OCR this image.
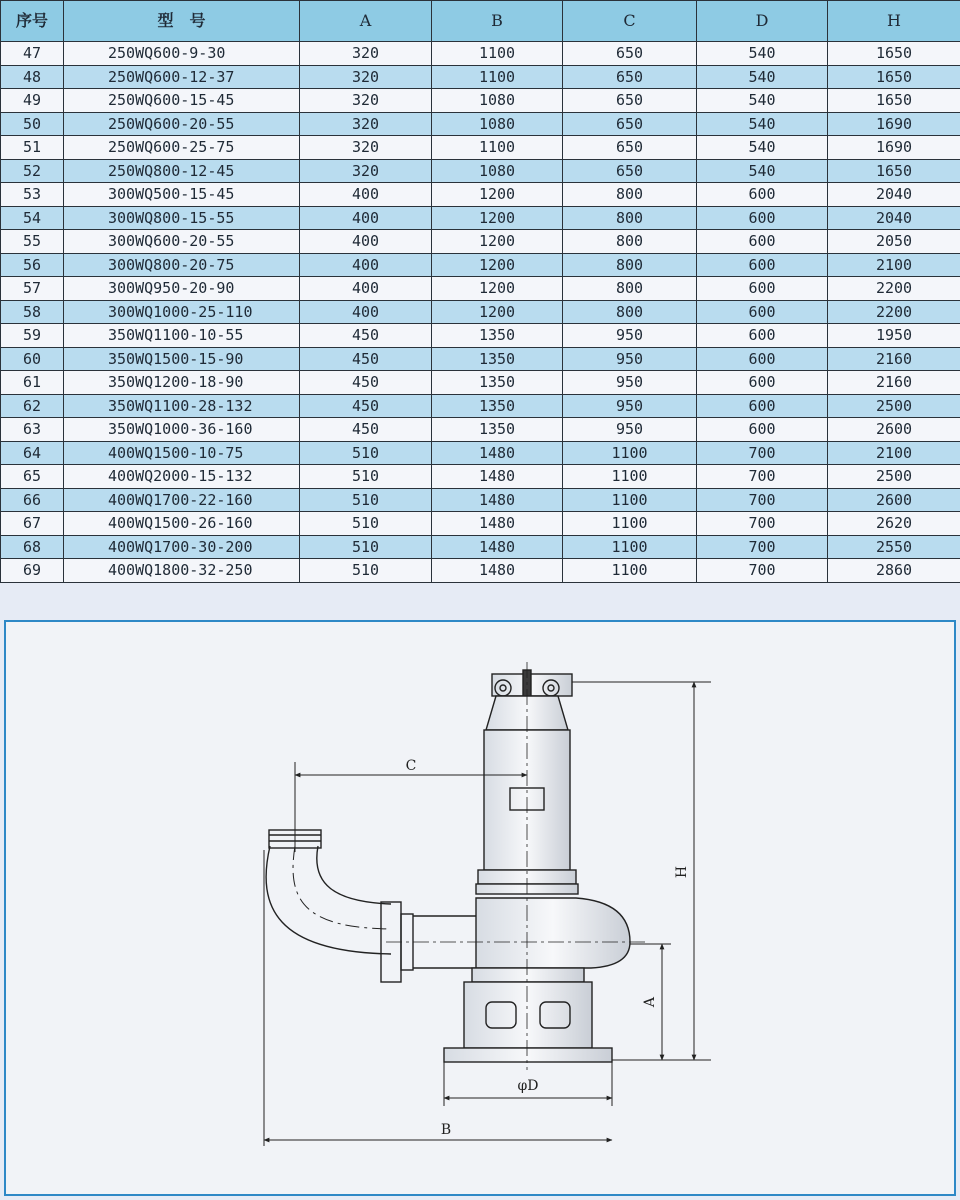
序号	型　号	A	B	C	D	H
47	250WQ600-9-30	320	1100	650	540	1650
48	250WQ600-12-37	320	1100	650	540	1650
49	250WQ600-15-45	320	1080	650	540	1650
50	250WQ600-20-55	320	1080	650	540	1690
51	250WQ600-25-75	320	1100	650	540	1690
52	250WQ800-12-45	320	1080	650	540	1650
53	300WQ500-15-45	400	1200	800	600	2040
54	300WQ800-15-55	400	1200	800	600	2040
55	300WQ600-20-55	400	1200	800	600	2050
56	300WQ800-20-75	400	1200	800	600	2100
57	300WQ950-20-90	400	1200	800	600	2200
58	300WQ1000-25-110	400	1200	800	600	2200
59	350WQ1100-10-55	450	1350	950	600	1950
60	350WQ1500-15-90	450	1350	950	600	2160
61	350WQ1200-18-90	450	1350	950	600	2160
62	350WQ1100-28-132	450	1350	950	600	2500
63	350WQ1000-36-160	450	1350	950	600	2600
64	400WQ1500-10-75	510	1480	1100	700	2100
65	400WQ2000-15-132	510	1480	1100	700	2500
66	400WQ1700-22-160	510	1480	1100	700	2600
67	400WQ1500-26-160	510	1480	1100	700	2620
68	400WQ1700-30-200	510	1480	1100	700	2550
69	400WQ1800-32-250	510	1480	1100	700	2860
C
H
A
φD
B
